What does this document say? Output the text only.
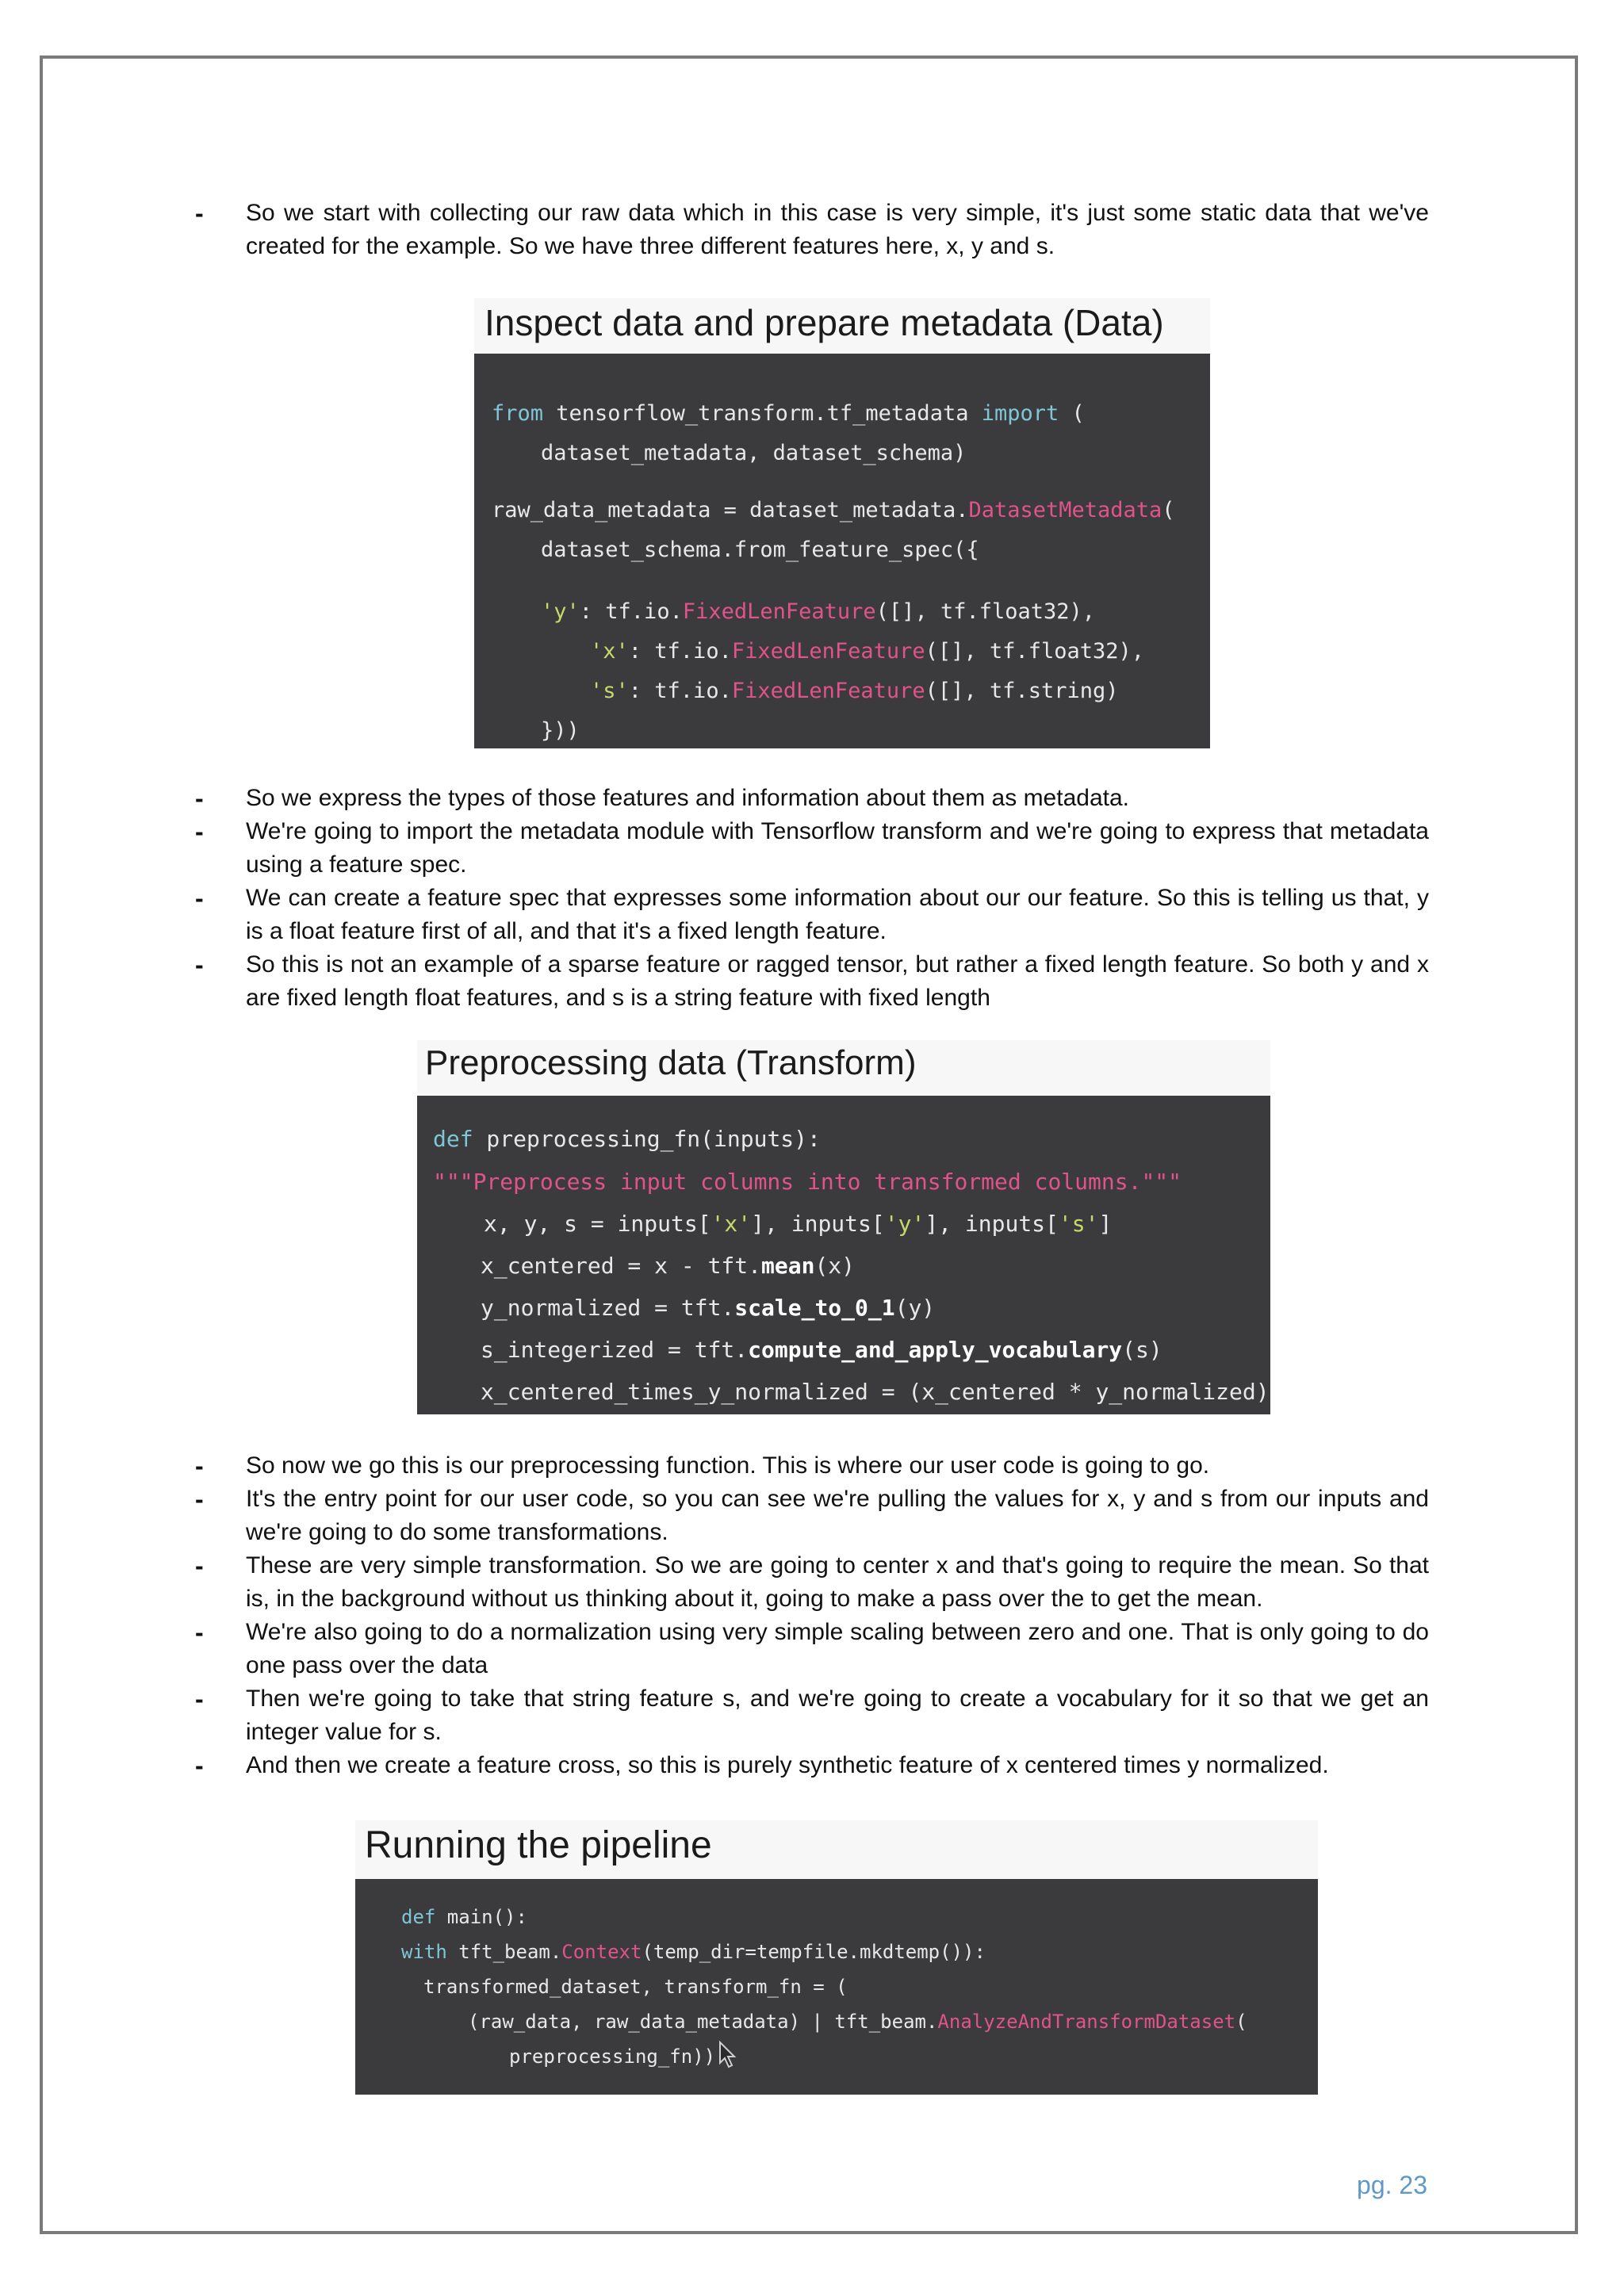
-	So we start with collecting our raw data which in this case is very simple, it's just some static data that we've created for the example. So we have three different features here, x, y and s.
Inspect data and prepare metadata (Data)
from tensorflow_transform.tf_metadata import (
dataset_metadata, dataset_schema)
raw_data_metadata = dataset_metadata.DatasetMetadata(
dataset_schema.from_feature_spec({
'y': tf.io.FixedLenFeature([], tf.float32),
'x': tf.io.FixedLenFeature([], tf.float32),
's': tf.io.FixedLenFeature([], tf.string)
}))
-	So we express the types of those features and information about them as metadata.
-	We're going to import the metadata module with Tensorflow transform and we're going to express that metadata using a feature spec.
-	We can create a feature spec that expresses some information about our our feature. So this is telling us that, y is a float feature first of all, and that it's a fixed length feature.
-	So this is not an example of a sparse feature or ragged tensor, but rather a fixed length feature. So both y and x are fixed length float features, and s is a string feature with fixed length
Preprocessing data (Transform)
def preprocessing_fn(inputs):
"""Preprocess input columns into transformed columns."""
x, y, s = inputs['x'], inputs['y'], inputs['s']
x_centered = x - tft.mean(x)
y_normalized = tft.scale_to_0_1(y)
s_integerized = tft.compute_and_apply_vocabulary(s)
x_centered_times_y_normalized = (x_centered * y_normalized)
-	So now we go this is our preprocessing function. This is where our user code is going to go.
-	It's the entry point for our user code, so you can see we're pulling the values for x, y and s from our inputs and we're going to do some transformations.
-	These are very simple transformation. So we are going to center x and that's going to require the mean. So that is, in the background without us thinking about it, going to make a pass over the to get the mean.
-	We're also going to do a normalization using very simple scaling between zero and one. That is only going to do one pass over the data
-	Then we're going to take that string feature s, and we're going to create a vocabulary for it so that we get an integer value for s.
-	And then we create a feature cross, so this is purely synthetic feature of x centered times y normalized.
Running the pipeline
def main():
with tft_beam.Context(temp_dir=tempfile.mkdtemp()):
transformed_dataset, transform_fn = (
(raw_data, raw_data_metadata) | tft_beam.AnalyzeAndTransformDataset(
preprocessing_fn))
pg. 23
